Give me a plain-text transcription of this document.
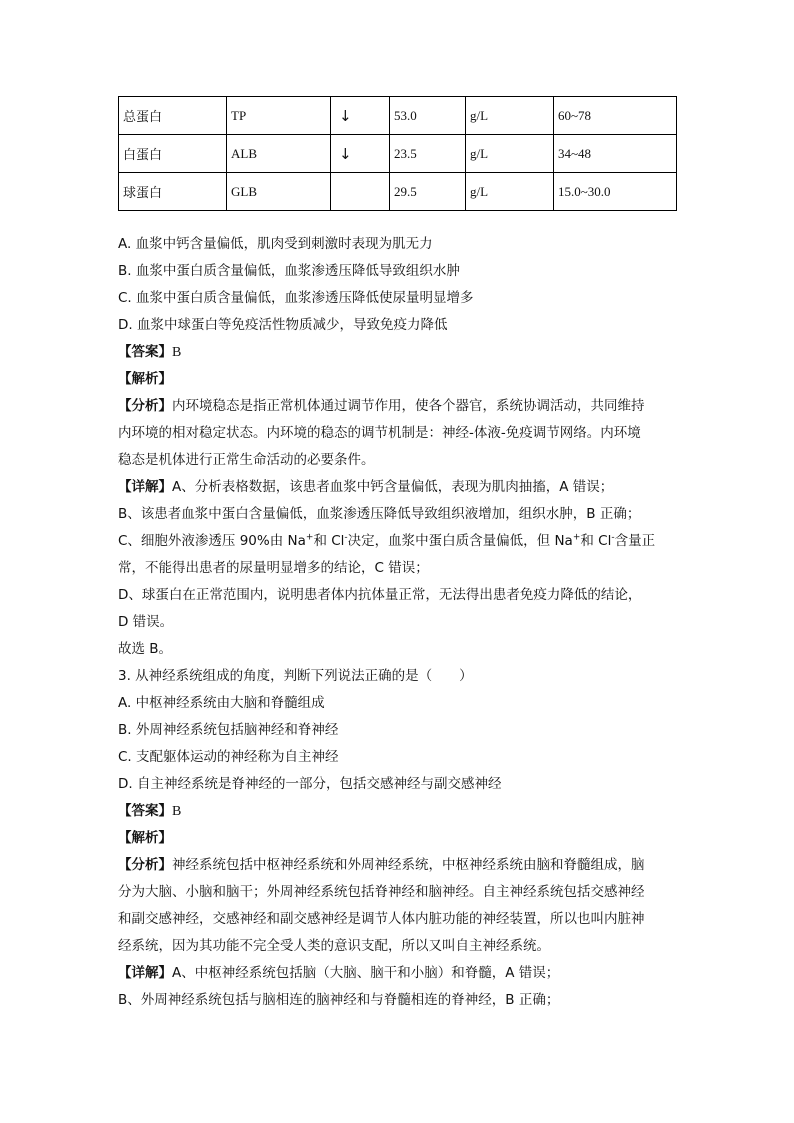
总蛋白	TP	↓	53.0	g/L	60~78
白蛋白	ALB	↓	23.5	g/L	34~48
球蛋白	GLB		29.5	g/L	15.0~30.0
A. 血浆中钙含量偏低，肌肉受到刺激时表现为肌无力
B. 血浆中蛋白质含量偏低，血浆渗透压降低导致组织水肿
C. 血浆中蛋白质含量偏低，血浆渗透压降低使尿量明显增多
D. 血浆中球蛋白等免疫活性物质减少，导致免疫力降低
【答案】B
【解析】
【分析】内环境稳态是指正常机体通过调节作用，使各个器官，系统协调活动，共同维持
内环境的相对稳定状态。内环境的稳态的调节机制是：神经-体液-免疫调节网络。内环境
稳态是机体进行正常生命活动的必要条件。
【详解】A、分析表格数据，该患者血浆中钙含量偏低，表现为肌肉抽搐，A 错误；
B、该患者血浆中蛋白含量偏低，血浆渗透压降低导致组织液增加，组织水肿，B 正确；
C、细胞外液渗透压 90%由 Na+和 Cl-决定，血浆中蛋白质含量偏低，但 Na+和 Cl-含量正
常，不能得出患者的尿量明显增多的结论，C 错误；
D、球蛋白在正常范围内，说明患者体内抗体量正常，无法得出患者免疫力降低的结论，
D 错误。
故选 B。
3. 从神经系统组成的角度，判断下列说法正确的是（　　）
A. 中枢神经系统由大脑和脊髓组成
B. 外周神经系统包括脑神经和脊神经
C. 支配躯体运动的神经称为自主神经
D. 自主神经系统是脊神经的一部分，包括交感神经与副交感神经
【答案】B
【解析】
【分析】神经系统包括中枢神经系统和外周神经系统，中枢神经系统由脑和脊髓组成，脑
分为大脑、小脑和脑干；外周神经系统包括脊神经和脑神经。自主神经系统包括交感神经
和副交感神经，交感神经和副交感神经是调节人体内脏功能的神经装置，所以也叫内脏神
经系统，因为其功能不完全受人类的意识支配，所以又叫自主神经系统。
【详解】A、中枢神经系统包括脑（大脑、脑干和小脑）和脊髓，A 错误；
B、外周神经系统包括与脑相连的脑神经和与脊髓相连的脊神经，B 正确；
